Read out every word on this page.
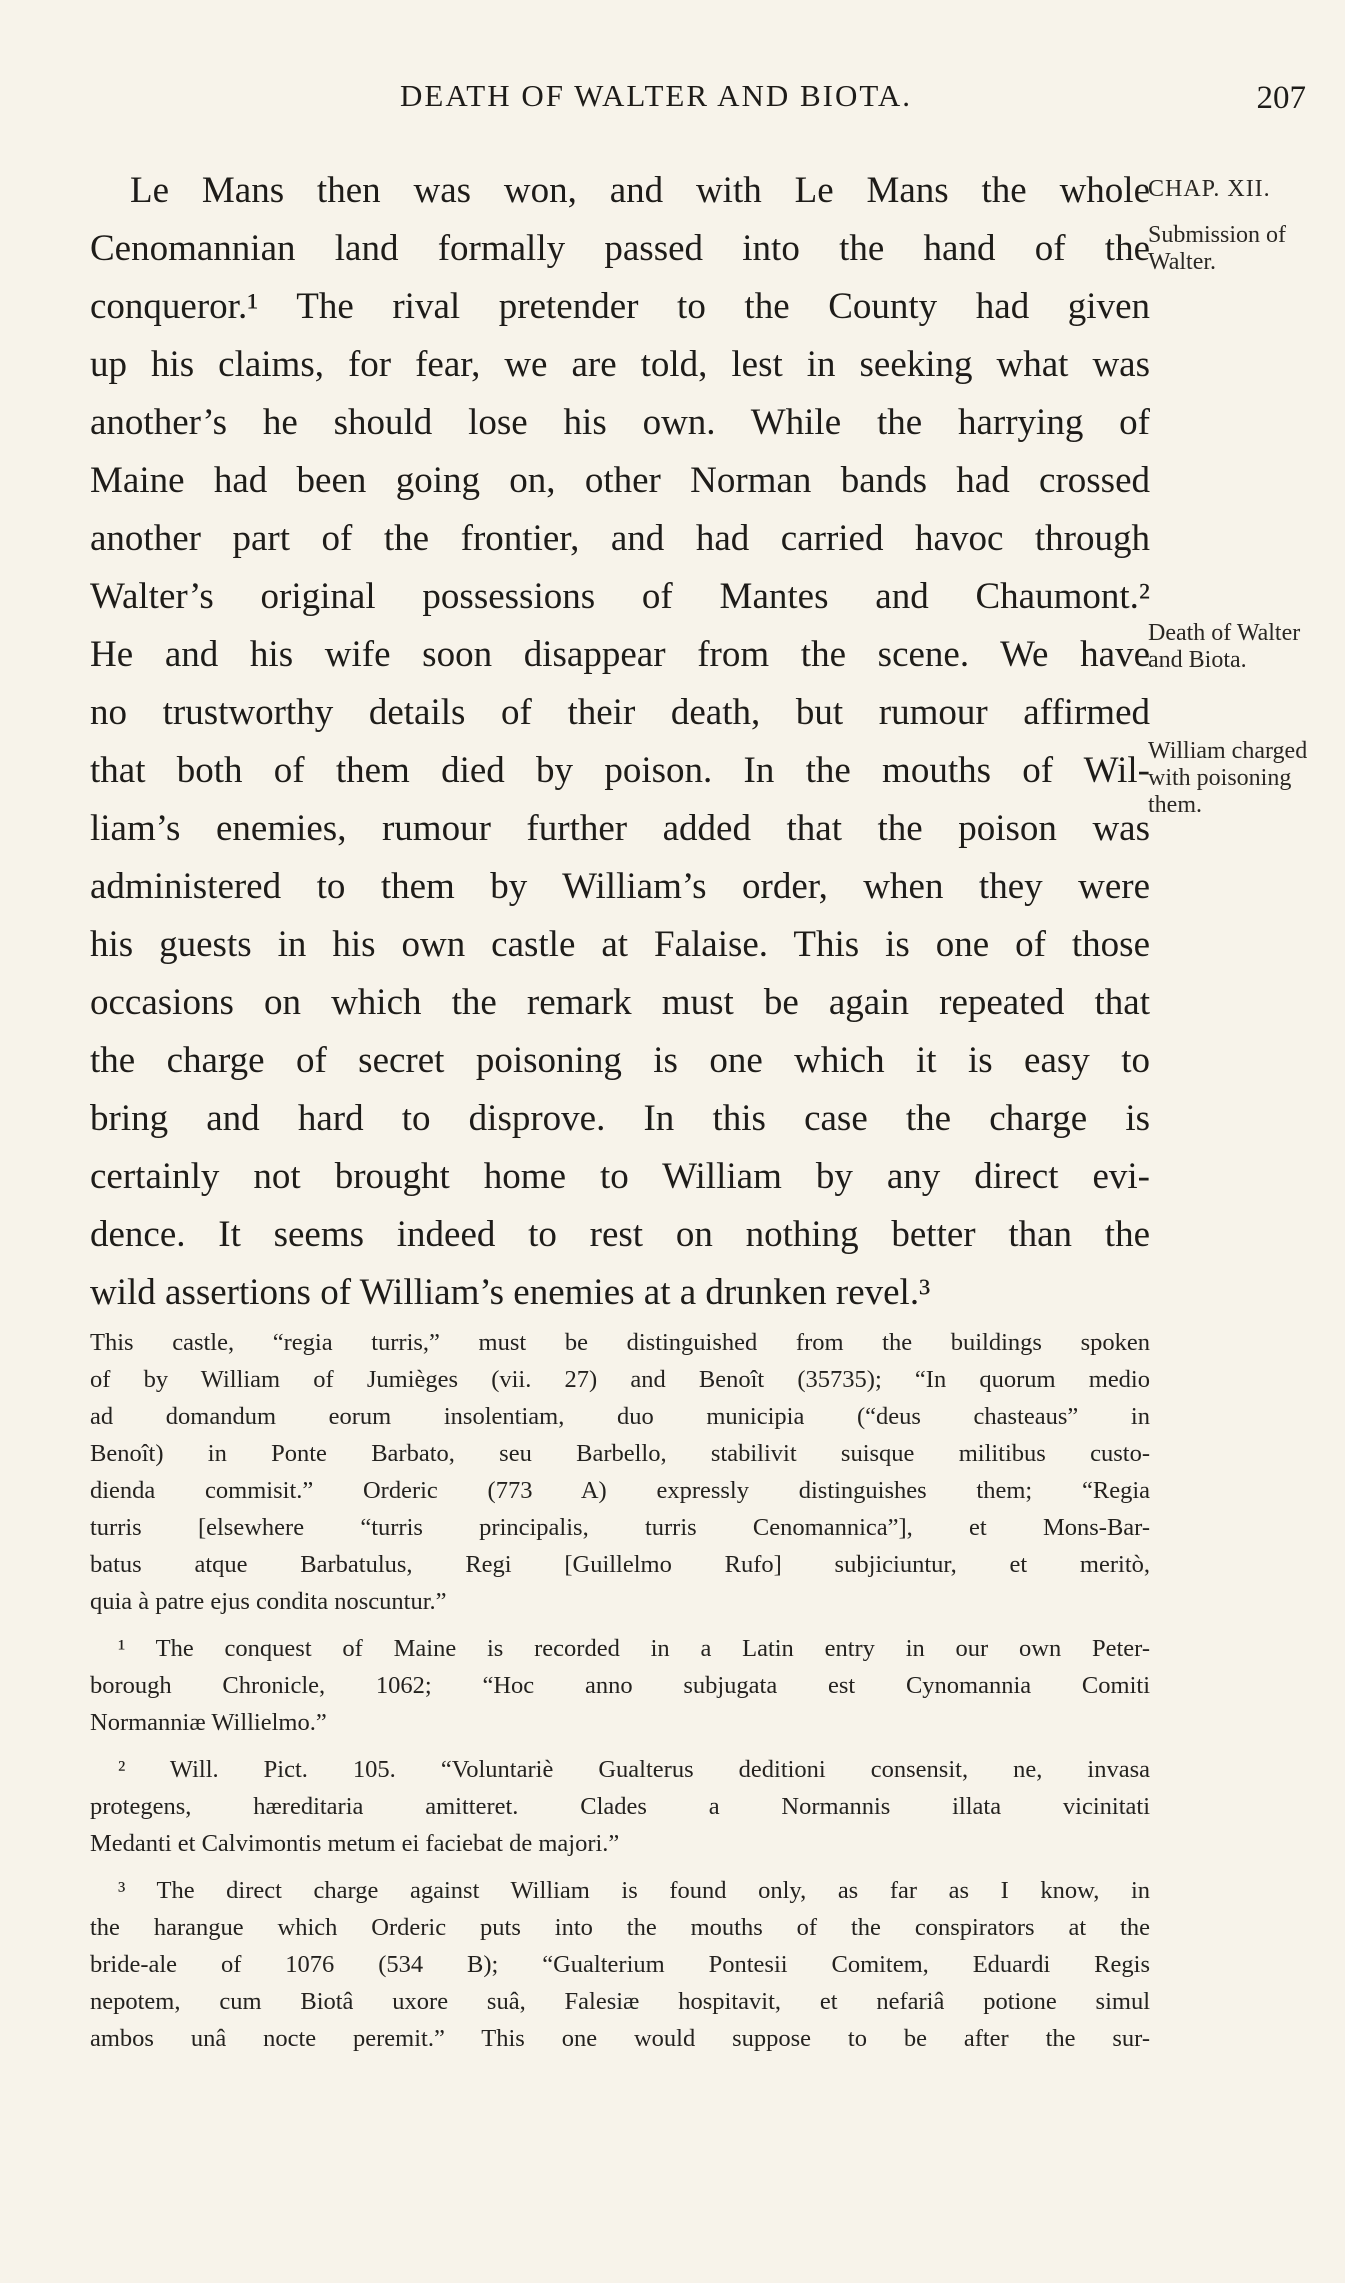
DEATH OF WALTER AND BIOTA.	207
Le Mans then was won, and with Le Mans the whole
Cenomannian land formally passed into the hand of the
conqueror.¹ The rival pretender to the County had given
up his claims, for fear, we are told, lest in seeking what was
another’s he should lose his own. While the harrying of
Maine had been going on, other Norman bands had crossed
another part of the frontier, and had carried havoc through
Walter’s original possessions of Mantes and Chaumont.²
He and his wife soon disappear from the scene. We have
no trustworthy details of their death, but rumour affirmed
that both of them died by poison. In the mouths of Wil-
liam’s enemies, rumour further added that the poison was
administered to them by William’s order, when they were
his guests in his own castle at Falaise. This is one of those
occasions on which the remark must be again repeated that
the charge of secret poisoning is one which it is easy to
bring and hard to disprove. In this case the charge is
certainly not brought home to William by any direct evi-
dence. It seems indeed to rest on nothing better than the
wild assertions of William’s enemies at a drunken revel.³
CHAP. XII.
Submission of Walter.
Death of Walter and Biota.
William charged with poisoning them.
This castle, “regia turris,” must be distinguished from the buildings spoken
of by William of Jumièges (vii. 27) and Benoît (35735); “In quorum medio
ad domandum eorum insolentiam, duo municipia (“deus chasteaus” in
Benoît) in Ponte Barbato, seu Barbello, stabilivit suisque militibus custo-
dienda commisit.” Orderic (773 A) expressly distinguishes them; “Regia
turris [elsewhere “turris principalis, turris Cenomannica”], et Mons-Bar-
batus atque Barbatulus, Regi [Guillelmo Rufo] subjiciuntur, et meritò,
quia à patre ejus condita noscuntur.”
¹ The conquest of Maine is recorded in a Latin entry in our own Peter-
borough Chronicle, 1062; “Hoc anno subjugata est Cynomannia Comiti
Normanniæ Willielmo.”
² Will. Pict. 105. “Voluntariè Gualterus deditioni consensit, ne, invasa
protegens, hæreditaria amitteret. Clades a Normannis illata vicinitati
Medanti et Calvimontis metum ei faciebat de majori.”
³ The direct charge against William is found only, as far as I know, in
the harangue which Orderic puts into the mouths of the conspirators at the
bride-ale of 1076 (534 B); “Gualterium Pontesii Comitem, Eduardi Regis
nepotem, cum Biotâ uxore suâ, Falesiæ hospitavit, et nefariâ potione simul
ambos unâ nocte peremit.” This one would suppose to be after the sur-
